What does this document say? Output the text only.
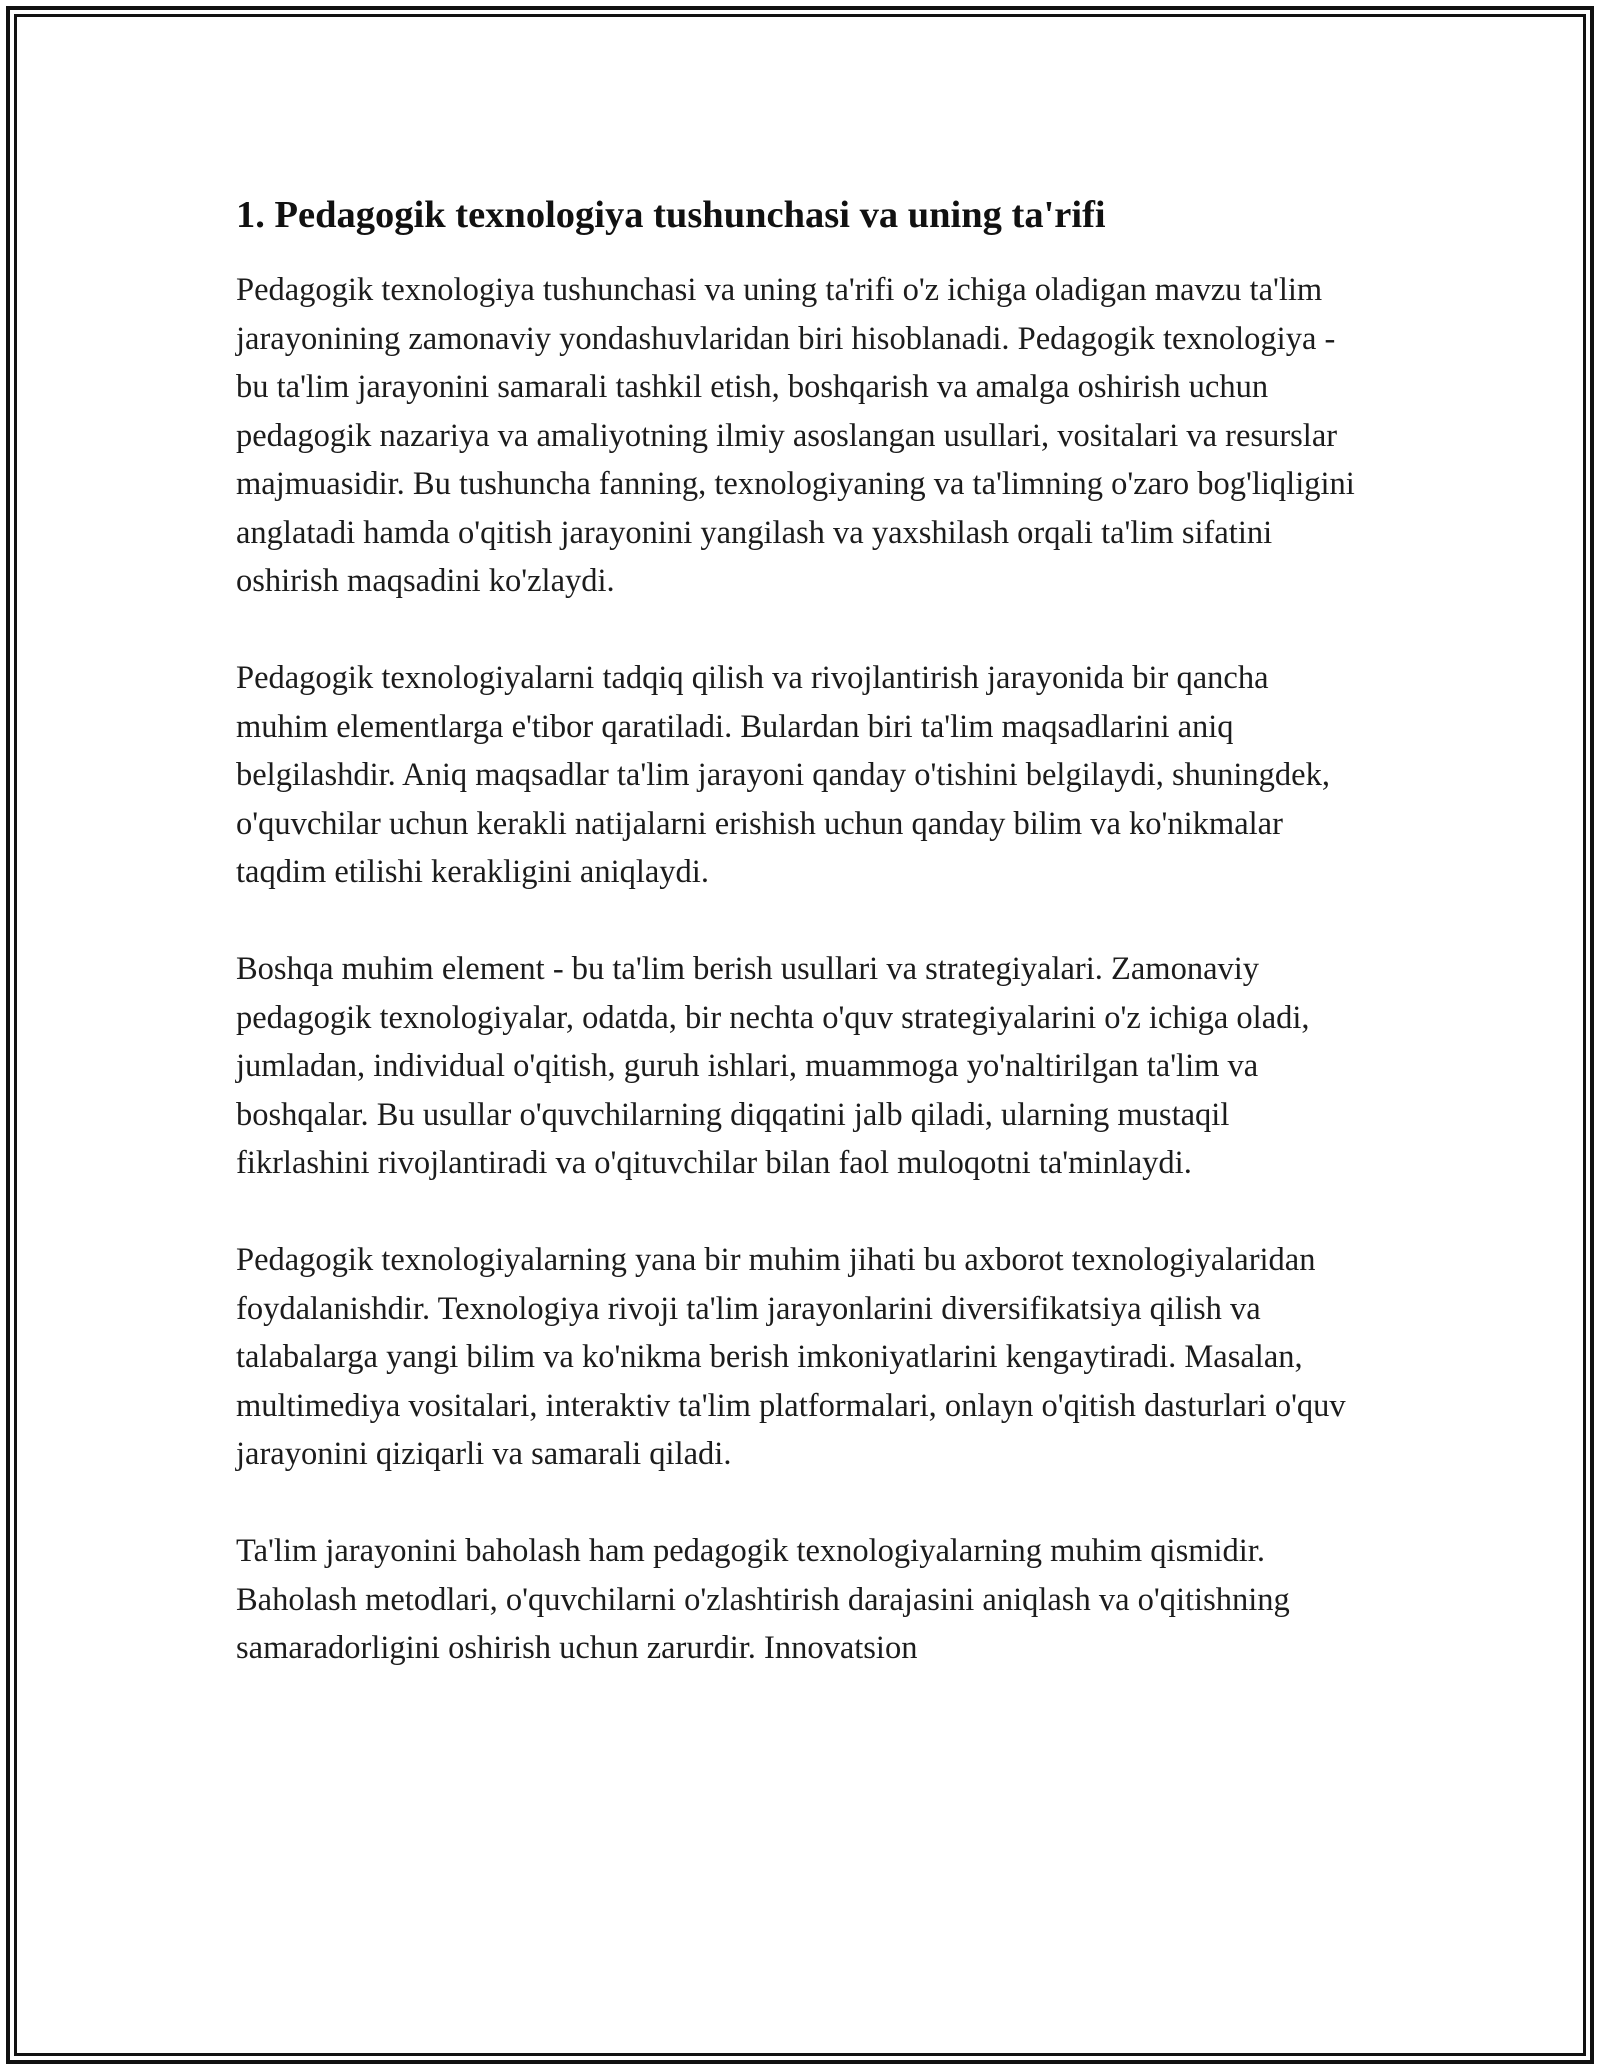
1. Pedagogik texnologiya tushunchasi va uning ta'rifi

Pedagogik texnologiya tushunchasi va uning ta'rifi o'z ichiga oladigan mavzu ta'lim jarayonining zamonaviy yondashuvlaridan biri hisoblanadi. Pedagogik texnologiya - bu ta'lim jarayonini samarali tashkil etish, boshqarish va amalga oshirish uchun pedagogik nazariya va amaliyotning ilmiy asoslangan usullari, vositalari va resurslar majmuasidir. Bu tushuncha fanning, texnologiyaning va ta'limning o'zaro bog'liqligini anglatadi hamda o'qitish jarayonini yangilash va yaxshilash orqali ta'lim sifatini oshirish maqsadini ko'zlaydi.

Pedagogik texnologiyalarni tadqiq qilish va rivojlantirish jarayonida bir qancha muhim elementlarga e'tibor qaratiladi. Bulardan biri ta'lim maqsadlarini aniq belgilashdir. Aniq maqsadlar ta'lim jarayoni qanday o'tishini belgilaydi, shuningdek, o'quvchilar uchun kerakli natijalarni erishish uchun qanday bilim va ko'nikmalar taqdim etilishi kerakligini aniqlaydi.

Boshqa muhim element - bu ta'lim berish usullari va strategiyalari. Zamonaviy pedagogik texnologiyalar, odatda, bir nechta o'quv strategiyalarini o'z ichiga oladi, jumladan, individual o'qitish, guruh ishlari, muammoga yo'naltirilgan ta'lim va boshqalar. Bu usullar o'quvchilarning diqqatini jalb qiladi, ularning mustaqil fikrlashini rivojlantiradi va o'qituvchilar bilan faol muloqotni ta'minlaydi.

Pedagogik texnologiyalarning yana bir muhim jihati bu axborot texnologiyalaridan foydalanishdir. Texnologiya rivoji ta'lim jarayonlarini diversifikatsiya qilish va talabalarga yangi bilim va ko'nikma berish imkoniyatlarini kengaytiradi. Masalan, multimediya vositalari, interaktiv ta'lim platformalari, onlayn o'qitish dasturlari o'quv jarayonini qiziqarli va samarali qiladi.

Ta'lim jarayonini baholash ham pedagogik texnologiyalarning muhim qismidir. Baholash metodlari, o'quvchilarni o'zlashtirish darajasini aniqlash va o'qitishning samaradorligini oshirish uchun zarurdir. Innovatsion
